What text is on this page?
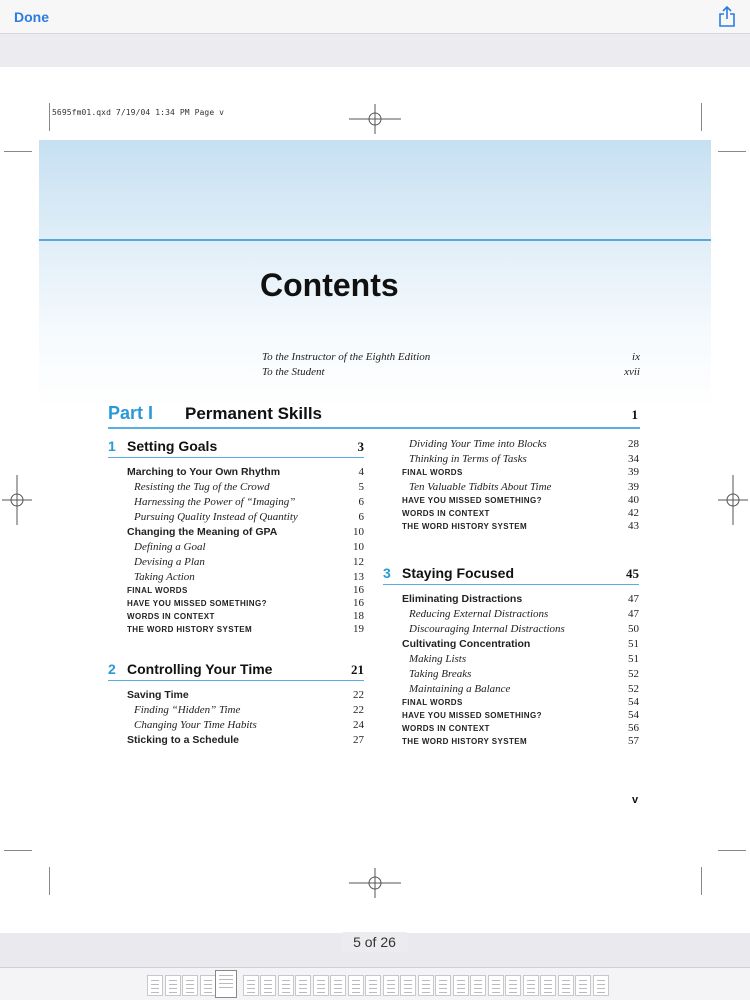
Done
5695fm01.qxd 7/19/04 1:34 PM Page v
Contents
To the Instructor of the Eighth Edition	ix
To the Student	xvii
Part I Permanent Skills	1
1 Setting Goals	3
Marching to Your Own Rhythm	4
Resisting the Tug of the Crowd	5
Harnessing the Power of “Imaging”	6
Pursuing Quality Instead of Quantity	6
Changing the Meaning of GPA	10
Defining a Goal	10
Devising a Plan	12
Taking Action	13
FINAL WORDS	16
HAVE YOU MISSED SOMETHING?	16
WORDS IN CONTEXT	18
THE WORD HISTORY SYSTEM	19
2 Controlling Your Time	21
Saving Time	22
Finding “Hidden” Time	22
Changing Your Time Habits	24
Sticking to a Schedule	27
Dividing Your Time into Blocks	28
Thinking in Terms of Tasks	34
FINAL WORDS	39
Ten Valuable Tidbits About Time	39
HAVE YOU MISSED SOMETHING?	40
WORDS IN CONTEXT	42
THE WORD HISTORY SYSTEM	43
3 Staying Focused	45
Eliminating Distractions	47
Reducing External Distractions	47
Discouraging Internal Distractions	50
Cultivating Concentration	51
Making Lists	51
Taking Breaks	52
Maintaining a Balance	52
FINAL WORDS	54
HAVE YOU MISSED SOMETHING?	54
WORDS IN CONTEXT	56
THE WORD HISTORY SYSTEM	57
v
5 of 26
